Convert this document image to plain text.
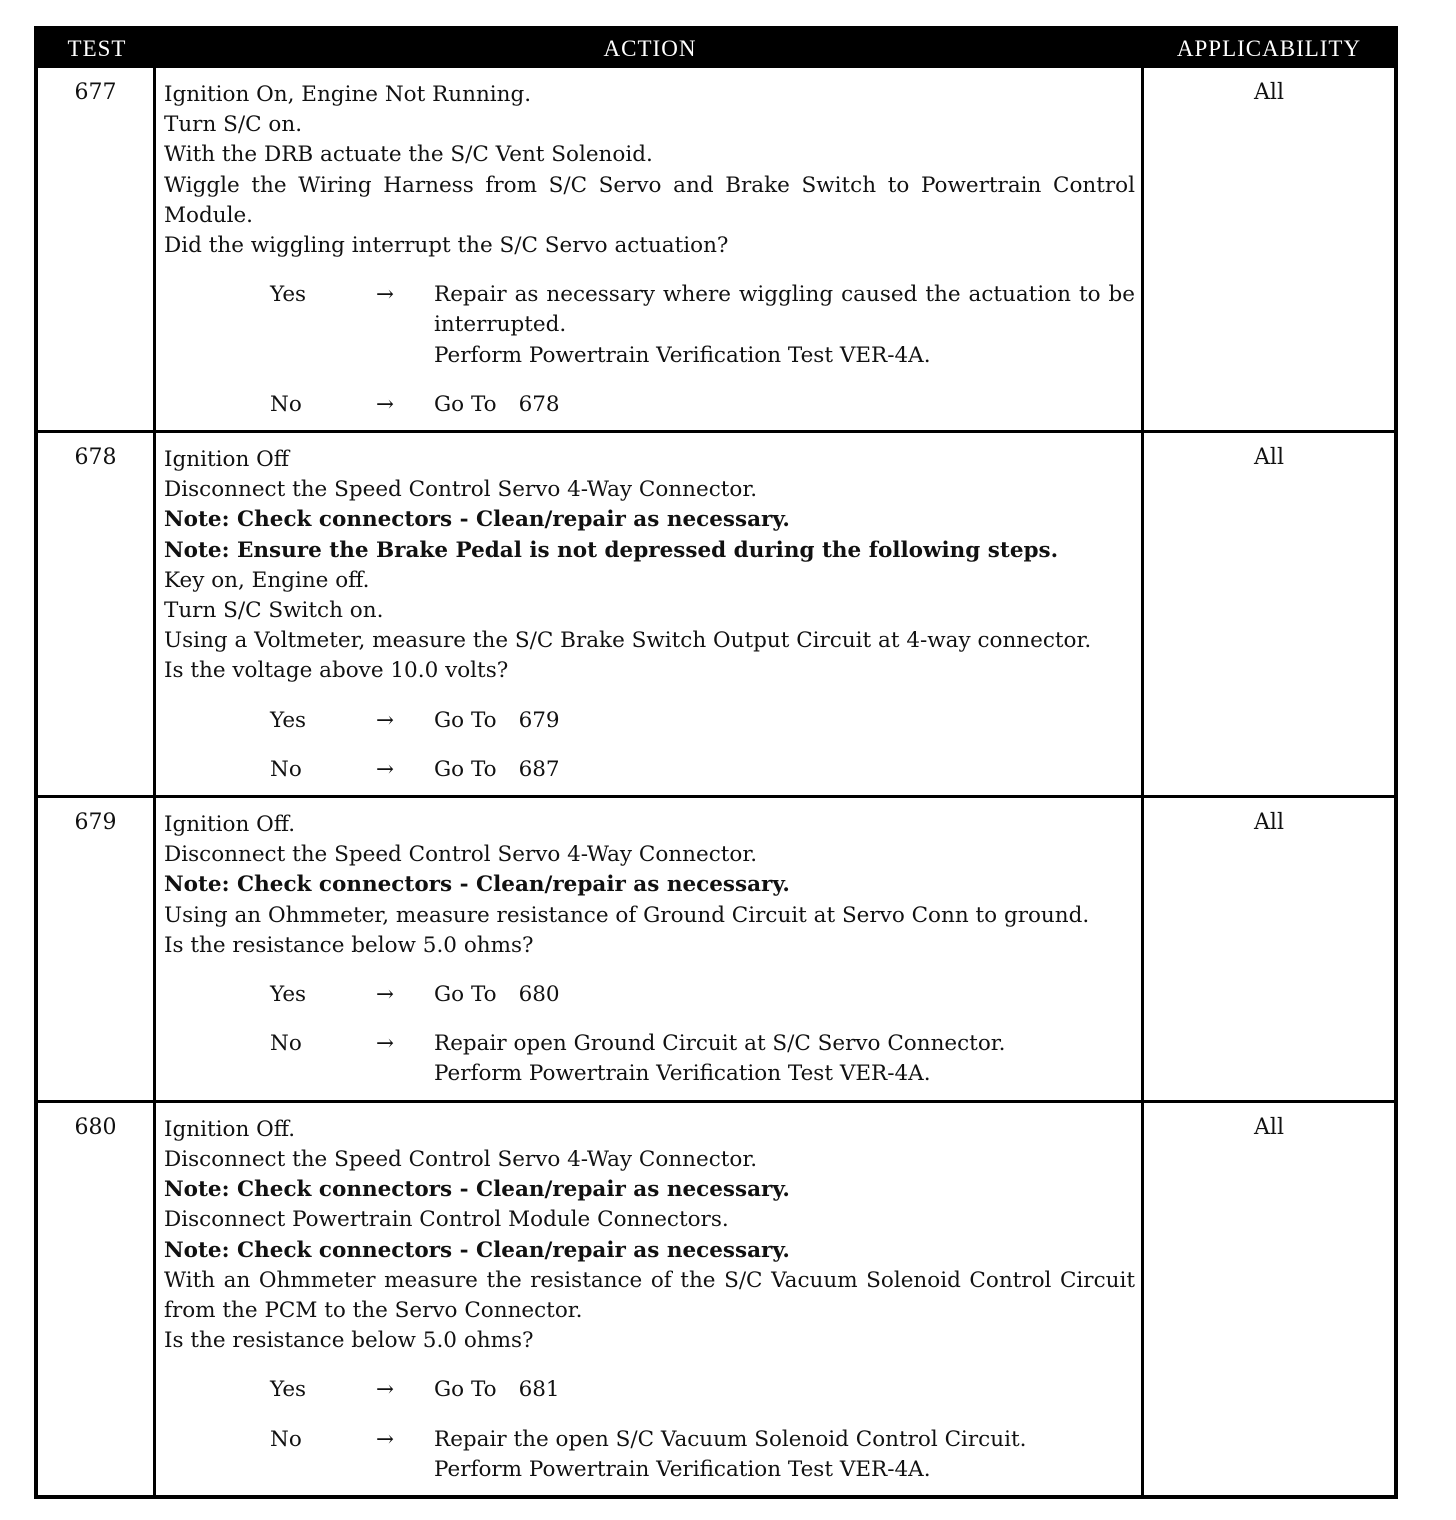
TEST	ACTION	APPLICABILITY
677	Ignition On, Engine Not Running.
Turn S/C on.
With the DRB actuate the S/C Vent Solenoid.
Wiggle the Wiring Harness from S/C Servo and Brake Switch to Powertrain Control Module.
Did the wiggling interrupt the S/C Servo actuation?
Yes	→	Repair as necessary where wiggling caused the actuation to be interrupted.
Perform Powertrain Verification Test VER-4A.
No	→	Go To 678
All
678	Ignition Off
Disconnect the Speed Control Servo 4-Way Connector.
Note: Check connectors - Clean/repair as necessary.
Note: Ensure the Brake Pedal is not depressed during the following steps.
Key on, Engine off.
Turn S/C Switch on.
Using a Voltmeter, measure the S/C Brake Switch Output Circuit at 4-way connector.
Is the voltage above 10.0 volts?
Yes	→	Go To 679
No	→	Go To 687
All
679	Ignition Off.
Disconnect the Speed Control Servo 4-Way Connector.
Note: Check connectors - Clean/repair as necessary.
Using an Ohmmeter, measure resistance of Ground Circuit at Servo Conn to ground.
Is the resistance below 5.0 ohms?
Yes	→	Go To 680
No	→	Repair open Ground Circuit at S/C Servo Connector.
Perform Powertrain Verification Test VER-4A.
All
680	Ignition Off.
Disconnect the Speed Control Servo 4-Way Connector.
Note: Check connectors - Clean/repair as necessary.
Disconnect Powertrain Control Module Connectors.
Note: Check connectors - Clean/repair as necessary.
With an Ohmmeter measure the resistance of the S/C Vacuum Solenoid Control Circuit from the PCM to the Servo Connector.
Is the resistance below 5.0 ohms?
Yes	→	Go To 681
No	→	Repair the open S/C Vacuum Solenoid Control Circuit.
Perform Powertrain Verification Test VER-4A.
All
